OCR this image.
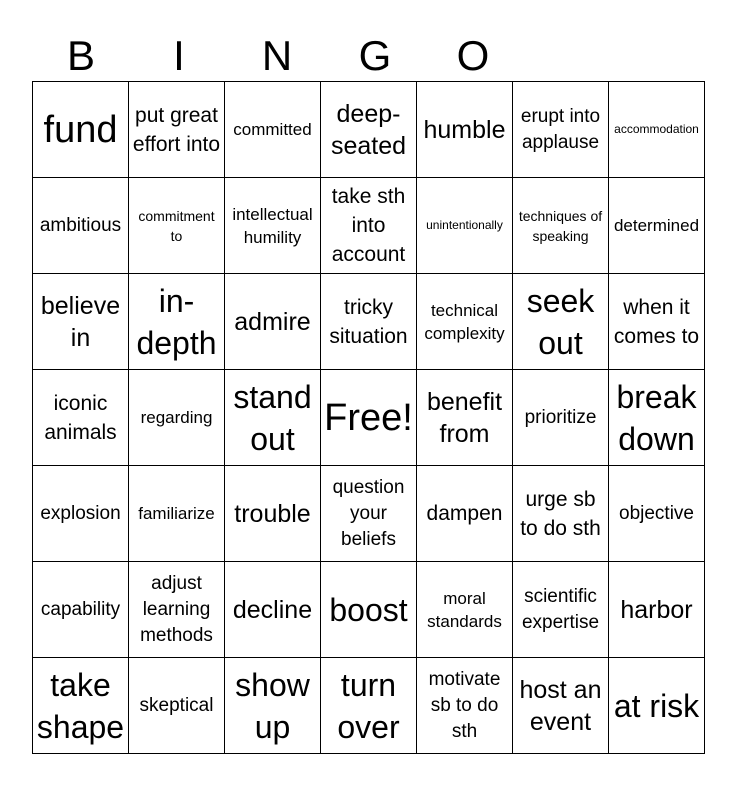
B	I	N	G	O
fund	put great effort into	committed	deep-seated	humble	erupt into applause	accommodation
ambitious	commitment to	intellectual humility	take sth into account	unintentionally	techniques of speaking	determined
believe in	in-depth	admire	tricky situation	technical complexity	seek out	when it comes to
iconic animals	regarding	stand out	Free!	benefit from	prioritize	break down
explosion	familiarize	trouble	question your beliefs	dampen	urge sb to do sth	objective
capability	adjust learning methods	decline	boost	moral standards	scientific expertise	harbor
take shape	skeptical	show up	turn over	motivate sb to do sth	host an event	at risk
